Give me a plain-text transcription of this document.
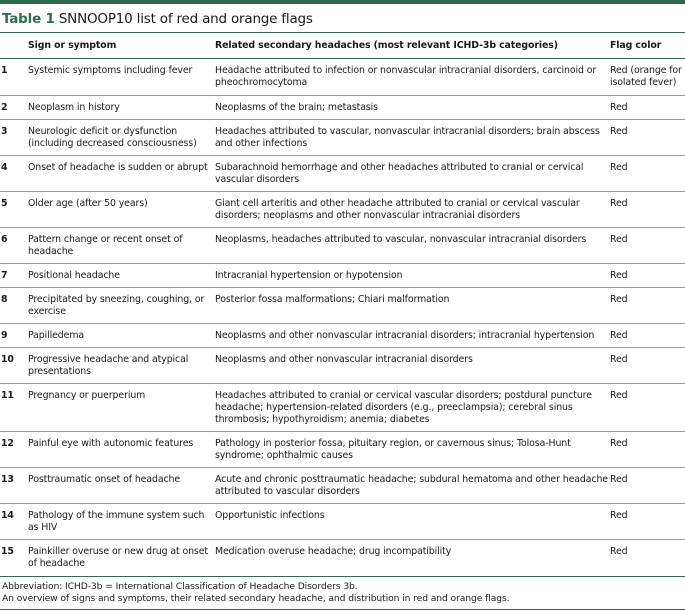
Table 1 SNNOOP10 list of red and orange flags
	Sign or symptom	Related secondary headaches (most relevant ICHD-3b categories)	Flag color

1	Systemic symptoms including fever	Headache attributed to infection or nonvascular intracranial disorders, carcinoid or pheochromocytoma	Red (orange for isolated fever)

2	Neoplasm in history	Neoplasms of the brain; metastasis	Red

3	Neurologic deficit or dysfunction (including decreased consciousness)	Headaches attributed to vascular, nonvascular intracranial disorders; brain abscess and other infections	Red

4	Onset of headache is sudden or abrupt	Subarachnoid hemorrhage and other headaches attributed to cranial or cervical vascular disorders	Red

5	Older age (after 50 years)	Giant cell arteritis and other headache attributed to cranial or cervical vascular disorders; neoplasms and other nonvascular intracranial disorders	Red

6	Pattern change or recent onset of headache	Neoplasms, headaches attributed to vascular, nonvascular intracranial disorders	Red

7	Positional headache	Intracranial hypertension or hypotension	Red

8	Precipitated by sneezing, coughing, or exercise	Posterior fossa malformations; Chiari malformation	Red

9	Papilledema	Neoplasms and other nonvascular intracranial disorders; intracranial hypertension	Red

10	Progressive headache and atypical presentations	Neoplasms and other nonvascular intracranial disorders	Red

11	Pregnancy or puerperium	Headaches attributed to cranial or cervical vascular disorders; postdural puncture headache; hypertension-related disorders (e.g., preeclampsia); cerebral sinus thrombosis; hypothyroidism; anemia; diabetes	Red

12	Painful eye with autonomic features	Pathology in posterior fossa, pituitary region, or cavernous sinus; Tolosa-Hunt syndrome; ophthalmic causes	Red

13	Posttraumatic onset of headache	Acute and chronic posttraumatic headache; subdural hematoma and other headache attributed to vascular disorders	Red

14	Pathology of the immune system such as HIV	Opportunistic infections	Red

15	Painkiller overuse or new drug at onset of headache	Medication overuse headache; drug incompatibility	Red
Abbreviation: ICHD-3b = International Classification of Headache Disorders 3b.
An overview of signs and symptoms, their related secondary headache, and distribution in red and orange flags.
